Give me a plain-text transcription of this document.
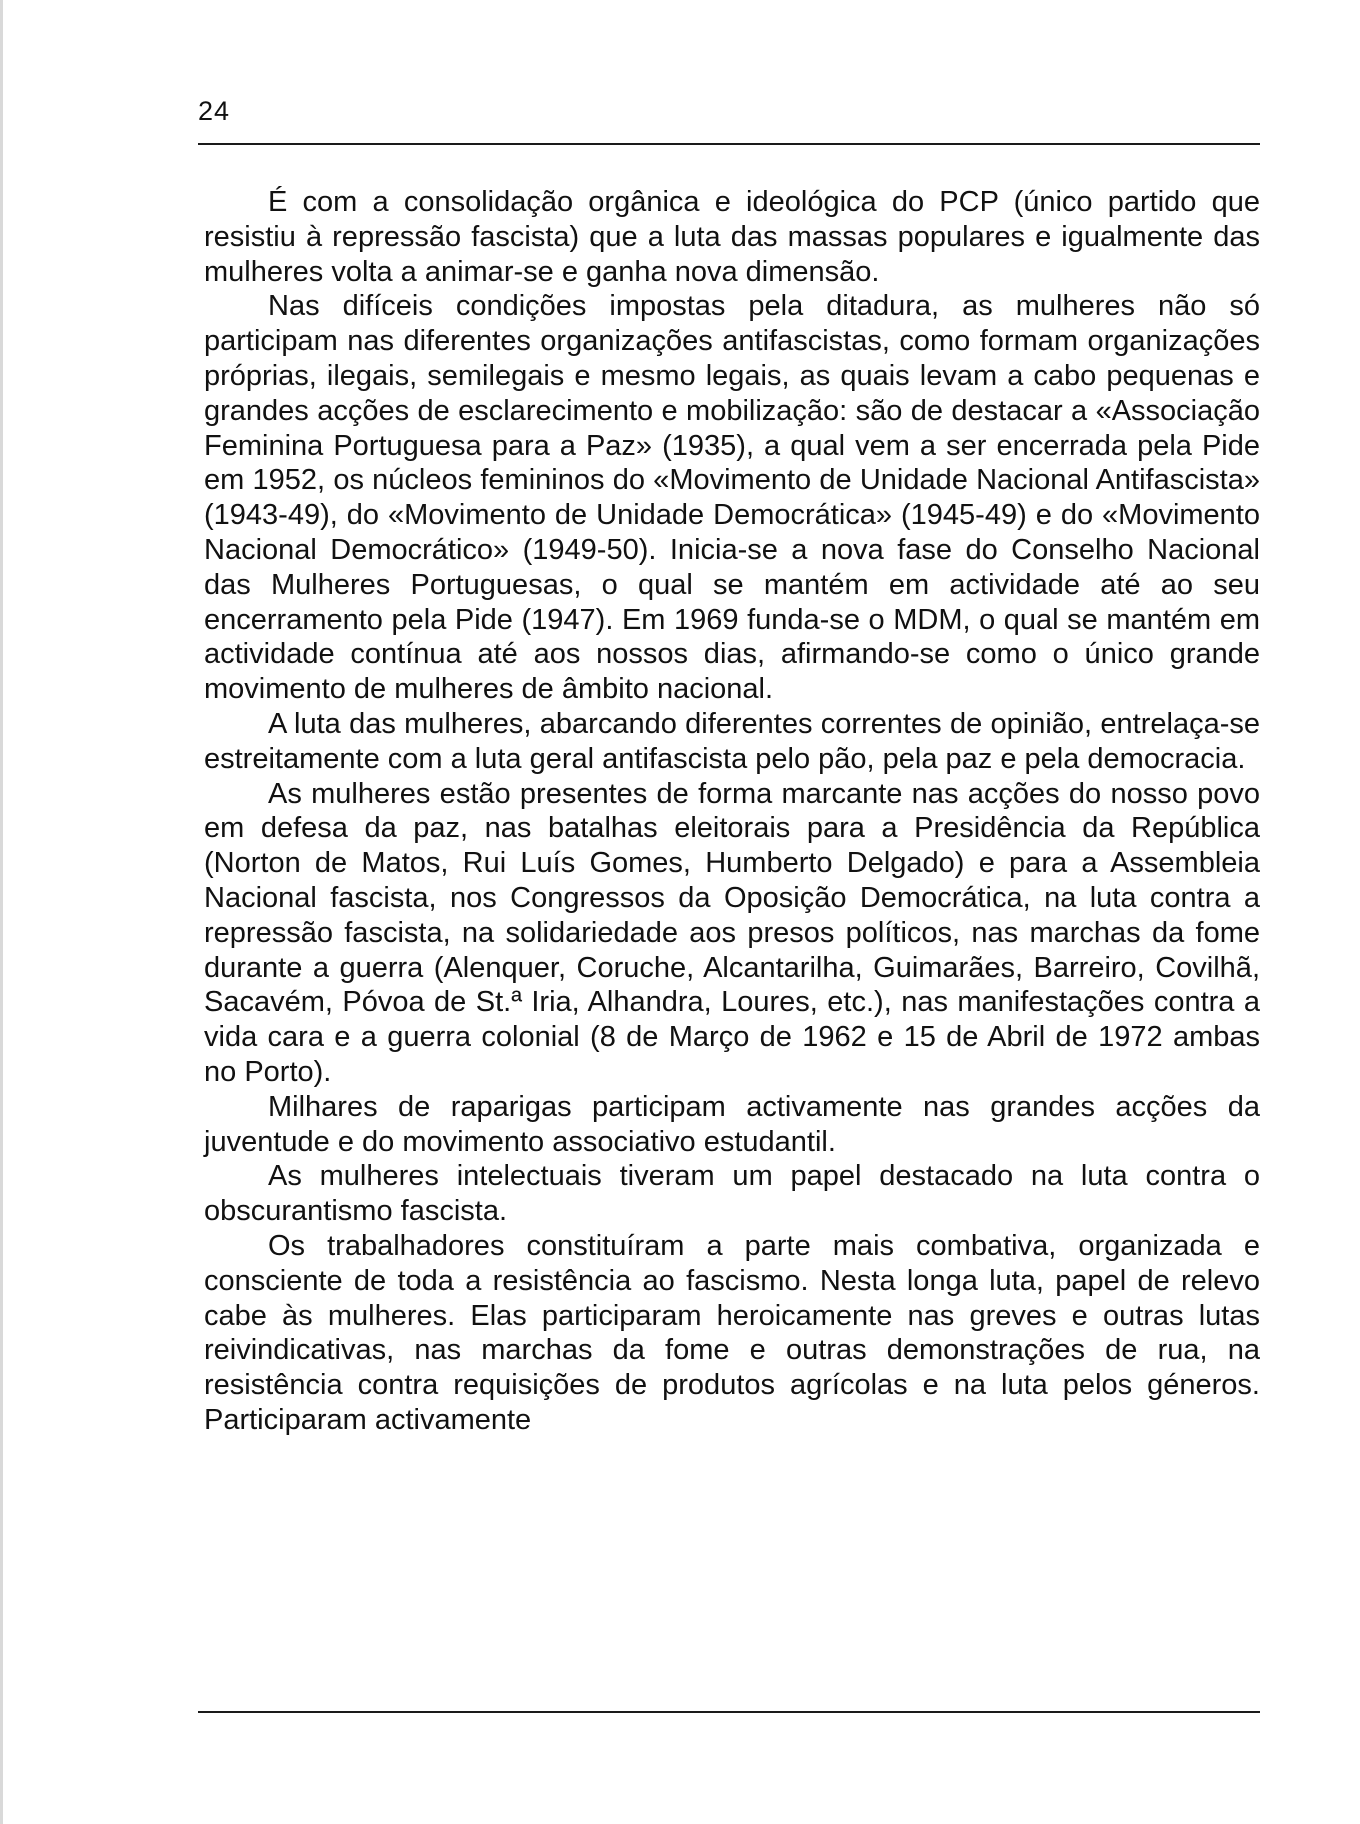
24

É com a consolidação orgânica e ideológica do PCP (único partido que resistiu à repressão fascista) que a luta das massas populares e igualmente das mulheres volta a animar-se e ganha nova dimensão.

Nas difíceis condições impostas pela ditadura, as mulheres não só participam nas diferentes organizações antifascistas, como formam organizações próprias, ilegais, semilegais e mesmo legais, as quais levam a cabo pequenas e grandes acções de esclarecimento e mobilização: são de destacar a «Associação Feminina Portuguesa para a Paz» (1935), a qual vem a ser encerrada pela Pide em 1952, os núcleos femininos do «Movimento de Unidade Nacional Antifascista» (1943-49), do «Movimento de Unidade Democrática» (1945-49) e do «Movimento Nacional Democrático» (1949-50). Inicia-se a nova fase do Conselho Nacional das Mulheres Portuguesas, o qual se mantém em actividade até ao seu encerramento pela Pide (1947). Em 1969 funda-se o MDM, o qual se mantém em actividade contínua até aos nossos dias, afirmando-se como o único grande movimento de mulheres de âmbito nacional.

A luta das mulheres, abarcando diferentes correntes de opinião, entrelaça-se estreitamente com a luta geral antifascista pelo pão, pela paz e pela democracia.

As mulheres estão presentes de forma marcante nas acções do nosso povo em defesa da paz, nas batalhas eleitorais para a Presidência da República (Norton de Matos, Rui Luís Gomes, Humberto Delgado) e para a Assembleia Nacional fascista, nos Congressos da Oposição Democrática, na luta contra a repressão fascista, na solidariedade aos presos políticos, nas marchas da fome durante a guerra (Alenquer, Coruche, Alcantarilha, Guimarães, Barreiro, Covilhã, Sacavém, Póvoa de St.ª Iria, Alhandra, Loures, etc.), nas manifestações contra a vida cara e a guerra colonial (8 de Março de 1962 e 15 de Abril de 1972 ambas no Porto).

Milhares de raparigas participam activamente nas grandes acções da juventude e do movimento associativo estudantil.

As mulheres intelectuais tiveram um papel destacado na luta contra o obscurantismo fascista.

Os trabalhadores constituíram a parte mais combativa, organizada e consciente de toda a resistência ao fascismo. Nesta longa luta, papel de relevo cabe às mulheres. Elas participaram heroicamente nas greves e outras lutas reivindicativas, nas marchas da fome e outras demonstrações de rua, na resistência contra requisições de produtos agrícolas e na luta pelos géneros. Participaram activamente
